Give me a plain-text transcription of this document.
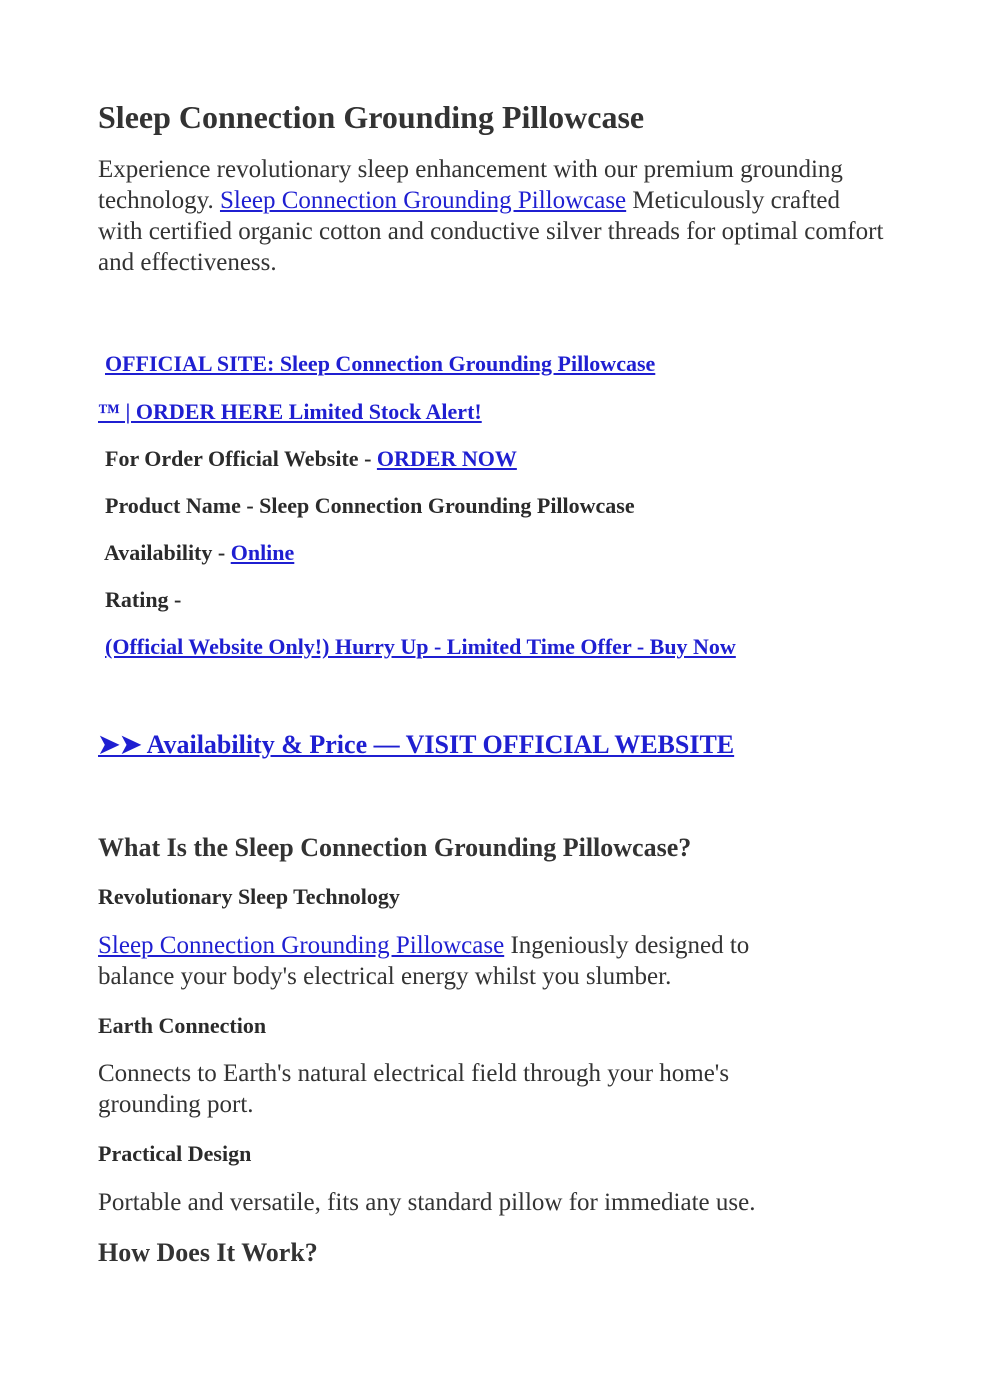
Sleep Connection Grounding Pillowcase
Experience revolutionary sleep enhancement with our premium grounding technology. Sleep Connection Grounding Pillowcase Meticulously crafted with certified organic cotton and conductive silver threads for optimal comfort and effectiveness.
OFFICIAL SITE: Sleep Connection Grounding Pillowcase
™ | ORDER HERE Limited Stock Alert!
For Order Official Website - ORDER NOW
Product Name - Sleep Connection Grounding Pillowcase
Availability - Online
Rating -
(Official Website Only!) Hurry Up - Limited Time Offer - Buy Now
➤➤ Availability & Price — VISIT OFFICIAL WEBSITE
What Is the Sleep Connection Grounding Pillowcase?
Revolutionary Sleep Technology
Sleep Connection Grounding Pillowcase Ingeniously designed to balance your body's electrical energy whilst you slumber.
Earth Connection
Connects to Earth's natural electrical field through your home's grounding port.
Practical Design
Portable and versatile, fits any standard pillow for immediate use.
How Does It Work?
